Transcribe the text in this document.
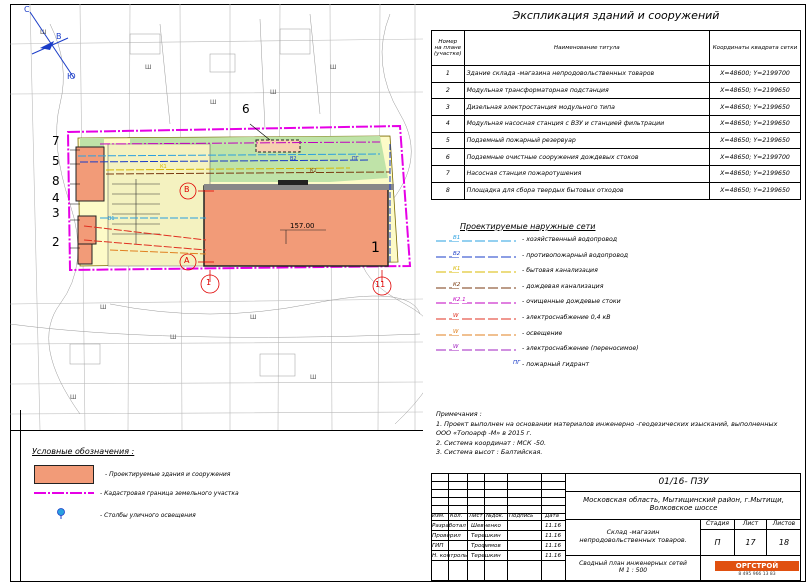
С
В
Ю
7
5
8
4
3
2
6
1
В
А
1	11
157.00
В1
В2
К1
К2
ПГ
Ш
Ш
Ш
Ш
Ш
Ш
Ш
Ш
Ш
Ш
Экспликация зданий и сооружений
Номер на плане (участке)	Наименование титула	Координаты квадрата сетки
1	Здание склада -магазина непродовольственных товаров	Х=48600; Y=2199700
2	Модульная трансформаторная подстанция	Х=48650; Y=2199650
3	Дизельная электростанция модульного типа	Х=48650; Y=2199650
4	Модульная насосная станция с ВЗУ и станцией фильтрации	Х=48650; Y=2199650
5	Подземный пожарный резервуар	Х=48650; Y=2199650
6	Подземные очистные сооружения дождевых стоков	Х=48650; Y=2199700
7	Насосная станция пожаротушения	Х=48650; Y=2199650
8	Площадка для сбора твердых бытовых отходов	Х=48650; Y=2199650
Проектируемые наружные сети
В1	- хозяйственный водопровод
В2	- противопожарный водопровод
К1	- бытовая канализация
К2	- дождевая канализация
К2.1	- очищенные дождевые стоки
W	- электроснабжение 0,4 кВ
W	- освещение
W	- электроснабжение (переносимое)
ПГ - пожарный гидрант
Примечания :
1. Проект выполнен на основании материалов инженерно -геодезических изысканий, выполненных
ООО «Топоарф -М» в 2015 г.
2. Система координат : МСК -50.
3. Система высот : Балтийская.
Условные обозначения :
- Проектируемые здания и сооружения
- Кадастровая граница земельного участка
- Столбы уличного освещения
01/16- ПЗУ
Московская область, Мытищинский район, г.Мытищи, Волковское шоссе
Склад -магазин непродовольственных товаров.
Сводный план инженерных сетей
М 1 : 500
Стадия	Лист	Листов
П	17	18
ОРГСТРОЙ
8 495 966 13 83
Изм. Кол. Лист №док. Подпись Дата
Разработал Шевченко	11.16
Проверил Терешкин	11.16
ГИП	Трофимов	11.16
Н. контроль Терешкин	11.16
